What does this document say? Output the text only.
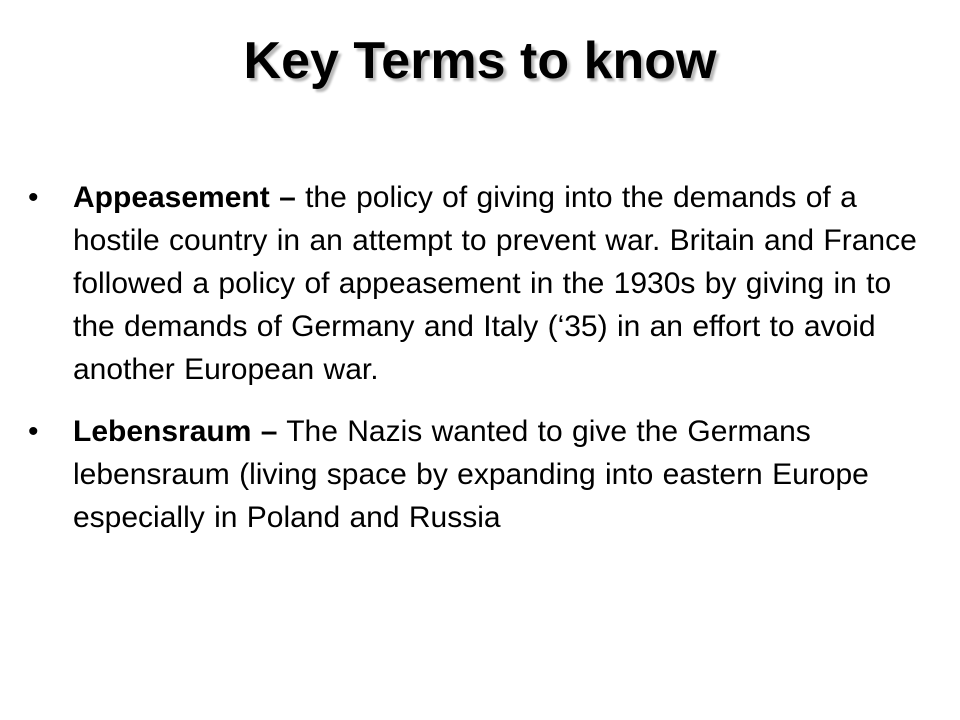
Key Terms to know
• Appeasement – the policy of giving into the demands of a hostile country in an attempt to prevent war. Britain and France followed a policy of appeasement in the 1930s by giving in to the demands of Germany and Italy (‘35) in an effort to avoid another European war.
• Lebensraum – The Nazis wanted to give the Germans lebensraum (living space by expanding into eastern Europe especially in Poland and Russia
